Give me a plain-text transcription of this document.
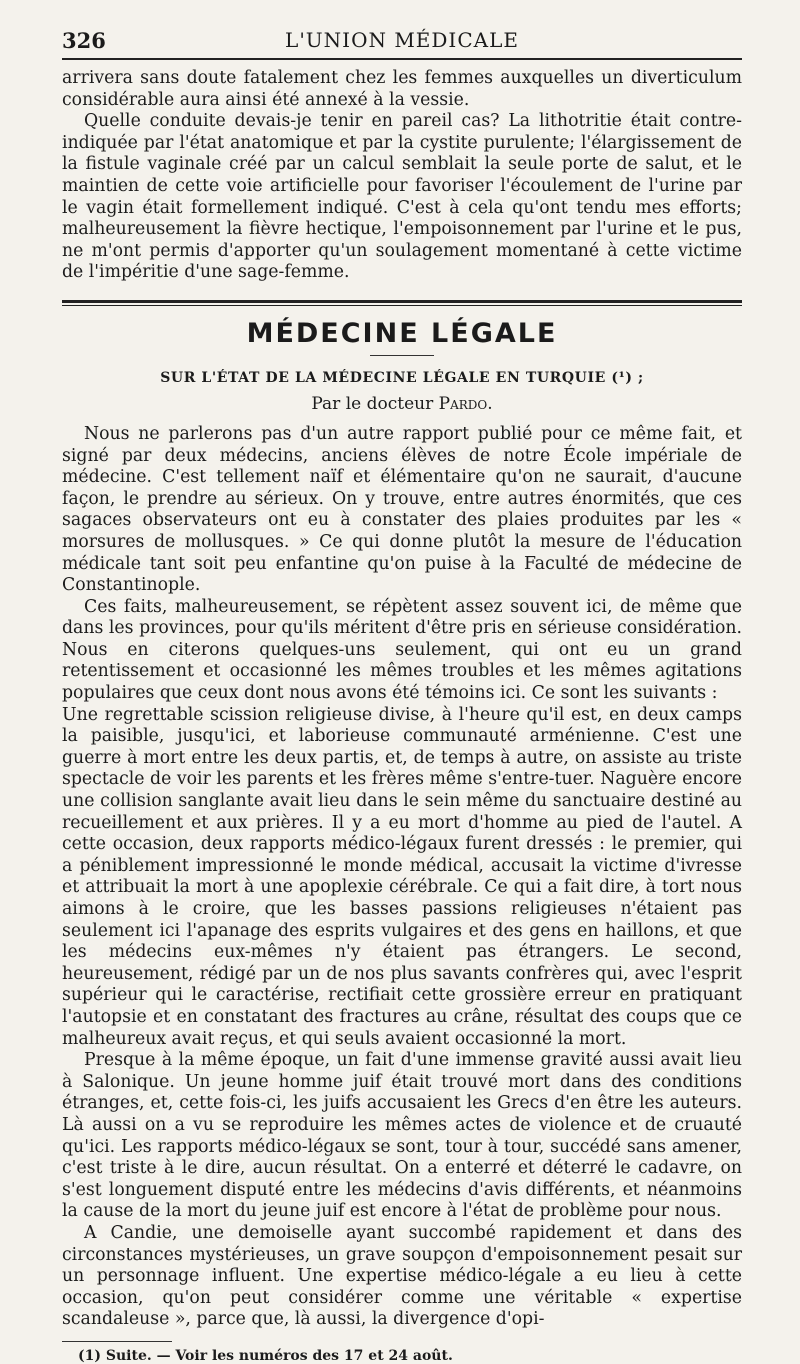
326	L'UNION MÉDICALE

arrivera sans doute fatalement chez les femmes auxquelles un diverticulum considérable aura ainsi été annexé à la vessie.

Quelle conduite devais-je tenir en pareil cas? La lithotritie était contre-indiquée par l'état anatomique et par la cystite purulente; l'élargissement de la fistule vaginale créé par un calcul semblait la seule porte de salut, et le maintien de cette voie artificielle pour favoriser l'écoulement de l'urine par le vagin était formellement indiqué. C'est à cela qu'ont tendu mes efforts; malheureusement la fièvre hectique, l'empoisonnement par l'urine et le pus, ne m'ont permis d'apporter qu'un soulagement momentané à cette victime de l'impéritie d'une sage-femme.

MÉDECINE LÉGALE
SUR L'ÉTAT DE LA MÉDECINE LÉGALE EN TURQUIE (¹) ;
Par le docteur Pardo.

Nous ne parlerons pas d'un autre rapport publié pour ce même fait, et signé par deux médecins, anciens élèves de notre École impériale de médecine. C'est tellement naïf et élémentaire qu'on ne saurait, d'aucune façon, le prendre au sérieux. On y trouve, entre autres énormités, que ces sagaces observateurs ont eu à constater des plaies produites par les « morsures de mollusques. » Ce qui donne plutôt la mesure de l'éducation médicale tant soit peu enfantine qu'on puise à la Faculté de médecine de Constantinople.

Ces faits, malheureusement, se répètent assez souvent ici, de même que dans les provinces, pour qu'ils méritent d'être pris en sérieuse considération. Nous en citerons quelques-uns seulement, qui ont eu un grand retentissement et occasionné les mêmes troubles et les mêmes agitations populaires que ceux dont nous avons été témoins ici. Ce sont les suivants :

Une regrettable scission religieuse divise, à l'heure qu'il est, en deux camps la paisible, jusqu'ici, et laborieuse communauté arménienne. C'est une guerre à mort entre les deux partis, et, de temps à autre, on assiste au triste spectacle de voir les parents et les frères même s'entre-tuer. Naguère encore une collision sanglante avait lieu dans le sein même du sanctuaire destiné au recueillement et aux prières. Il y a eu mort d'homme au pied de l'autel. A cette occasion, deux rapports médico-légaux furent dressés : le premier, qui a péniblement impressionné le monde médical, accusait la victime d'ivresse et attribuait la mort à une apoplexie cérébrale. Ce qui a fait dire, à tort nous aimons à le croire, que les basses passions religieuses n'étaient pas seulement ici l'apanage des esprits vulgaires et des gens en haillons, et que les médecins eux-mêmes n'y étaient pas étrangers. Le second, heureusement, rédigé par un de nos plus savants confrères qui, avec l'esprit supérieur qui le caractérise, rectifiait cette grossière erreur en pratiquant l'autopsie et en constatant des fractures au crâne, résultat des coups que ce malheureux avait reçus, et qui seuls avaient occasionné la mort.

Presque à la même époque, un fait d'une immense gravité aussi avait lieu à Salonique. Un jeune homme juif était trouvé mort dans des conditions étranges, et, cette fois-ci, les juifs accusaient les Grecs d'en être les auteurs. Là aussi on a vu se reproduire les mêmes actes de violence et de cruauté qu'ici. Les rapports médico-légaux se sont, tour à tour, succédé sans amener, c'est triste à le dire, aucun résultat. On a enterré et déterré le cadavre, on s'est longuement disputé entre les médecins d'avis différents, et néanmoins la cause de la mort du jeune juif est encore à l'état de problème pour nous.

A Candie, une demoiselle ayant succombé rapidement et dans des circonstances mystérieuses, un grave soupçon d'empoisonnement pesait sur un personnage influent. Une expertise médico-légale a eu lieu à cette occasion, qu'on peut considérer comme une véritable « expertise scandaleuse », parce que, là aussi, la divergence d'opi-

(1) Suite. — Voir les numéros des 17 et 24 août.
